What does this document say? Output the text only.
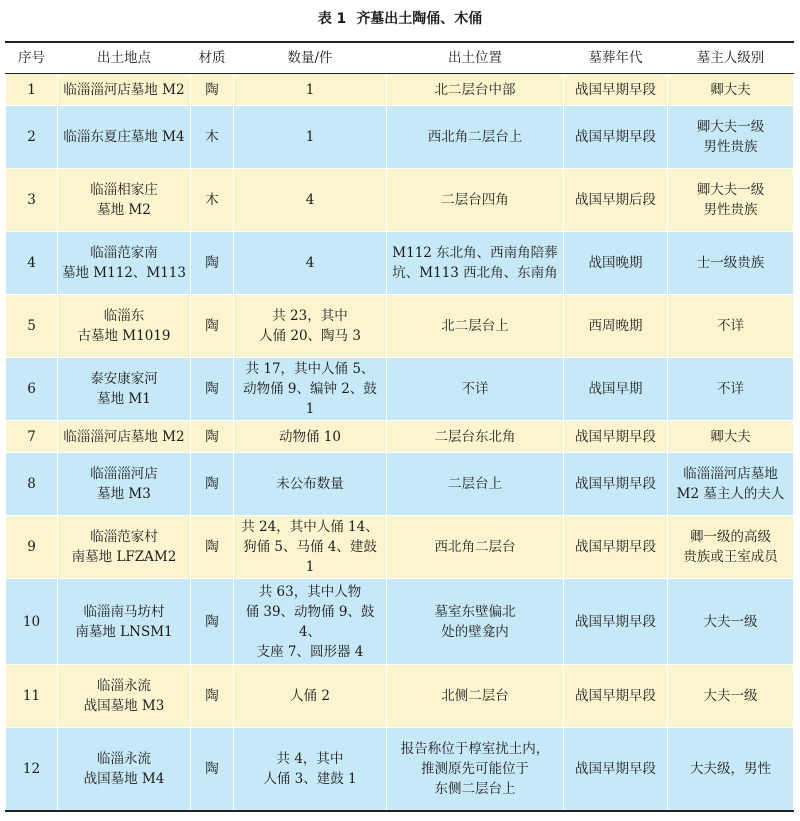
表 1 齐墓出土陶俑、木俑
序号	出土地点	材质	数量/件	出土位置	墓葬年代	墓主人级别
1	临淄淄河店墓地 M2	陶	1	北二层台中部	战国早期早段	卿大夫
2	临淄东夏庄墓地 M4	木	1	西北角二层台上	战国早期早段	卿大夫一级
男性贵族
3	临淄相家庄
墓地 M2	木	4	二层台四角	战国早期后段	卿大夫一级
男性贵族
4	临淄范家南
墓地 M112、M113	陶	4	M112 东北角、西南角陪葬
坑、M113 西北角、东南角	战国晚期	士一级贵族
5	临淄东
古墓地 M1019	陶	共 23，其中
人俑 20、陶马 3	北二层台上	西周晚期	不详
6	泰安康家河
墓地 M1	陶	共 17，其中人俑 5、
动物俑 9、编钟 2、鼓 1	不详	战国早期	不详
7	临淄淄河店墓地 M2	陶	动物俑 10	二层台东北角	战国早期早段	卿大夫
8	临淄淄河店
墓地 M3	陶	未公布数量	二层台上	战国早期早段	临淄淄河店墓地
M2 墓主人的夫人
9	临淄范家村
南墓地 LFZAM2	陶	共 24，其中人俑 14、
狗俑 5、马俑 4、建鼓 1	西北角二层台	战国早期早段	卿一级的高级
贵族或王室成员
10	临淄南马坊村
南墓地 LNSM1	陶	共 63，其中人物
俑 39、动物俑 9、鼓 4、
支座 7、圆形器 4	墓室东壁偏北
处的壁龛内	战国早期早段	大夫一级
11	临淄永流
战国墓地 M3	陶	人俑 2	北侧二层台	战国早期早段	大夫一级
12	临淄永流
战国墓地 M4	陶	共 4，其中
人俑 3、建鼓 1	报告称位于椁室扰土内，
推测原先可能位于
东侧二层台上	战国早期早段	大夫级，男性
